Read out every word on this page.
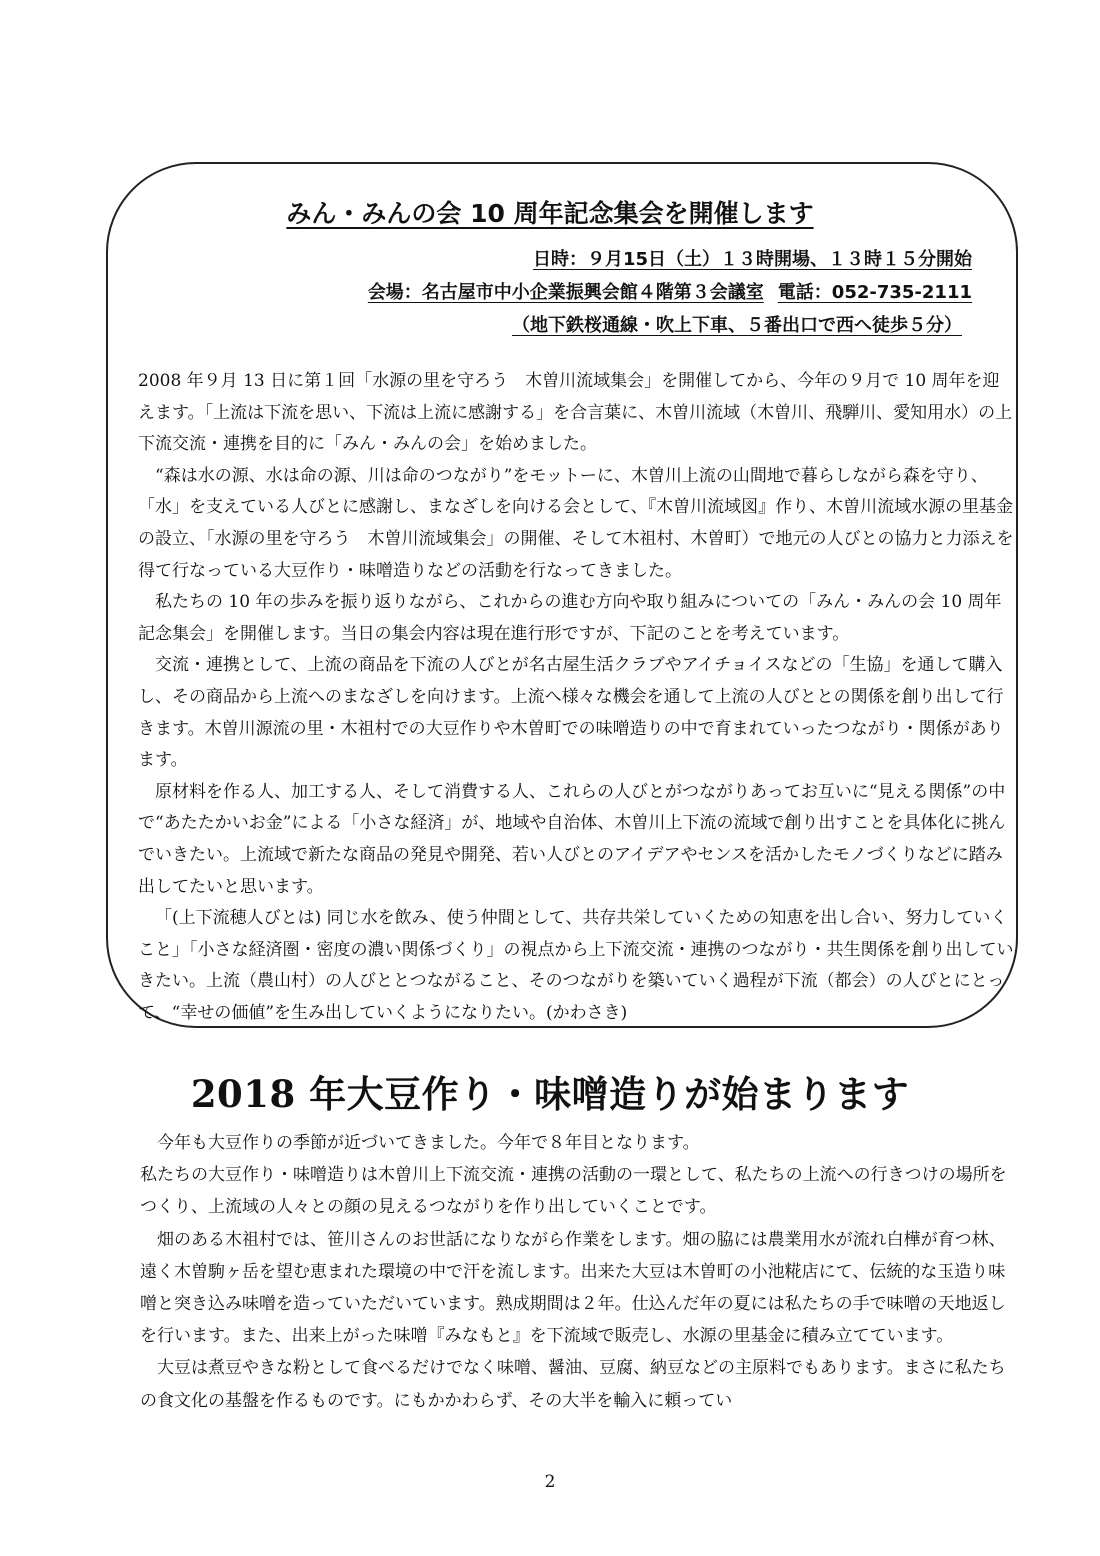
みん・みんの会 10 周年記念集会を開催します

日時：９月15日（土）１３時開場、１３時１５分開始

会場：名古屋市中小企業振興会館４階第３会議室 電話：052-735-2111

（地下鉄桜通線・吹上下車、５番出口で西へ徒歩５分）

2008 年９月 13 日に第１回「水源の里を守ろう　木曽川流域集会」を開催してから、今年の９月で 10 周年を迎えます。「上流は下流を思い、下流は上流に感謝する」を合言葉に、木曽川流域（木曽川、飛騨川、愛知用水）の上下流交流・連携を目的に「みん・みんの会」を始めました。

“森は水の源、水は命の源、川は命のつながり”をモットーに、木曽川上流の山間地で暮らしながら森を守り、「水」を支えている人びとに感謝し、まなざしを向ける会として、『木曽川流域図』作り、木曽川流域水源の里基金の設立、「水源の里を守ろう　木曽川流域集会」の開催、そして木祖村、木曽町）で地元の人びとの協力と力添えを得て行なっている大豆作り・味噌造りなどの活動を行なってきました。

私たちの 10 年の歩みを振り返りながら、これからの進む方向や取り組みについての「みん・みんの会 10 周年記念集会」を開催します。当日の集会内容は現在進行形ですが、下記のことを考えています。

交流・連携として、上流の商品を下流の人びとが名古屋生活クラブやアイチョイスなどの「生協」を通して購入し、その商品から上流へのまなざしを向けます。上流へ様々な機会を通して上流の人びととの関係を創り出して行きます。木曽川源流の里・木祖村での大豆作りや木曽町での味噌造りの中で育まれていったつながり・関係があります。

原材料を作る人、加工する人、そして消費する人、これらの人びとがつながりあってお互いに“見える関係”の中で“あたたかいお金”による「小さな経済」が、地域や自治体、木曽川上下流の流域で創り出すことを具体化に挑んでいきたい。上流域で新たな商品の発見や開発、若い人びとのアイデアやセンスを活かしたモノづくりなどに踏み出してたいと思います。

「(上下流穂人びとは) 同じ水を飲み、使う仲間として、共存共栄していくための知恵を出し合い、努力していくこと」「小さな経済圏・密度の濃い関係づくり」の視点から上下流交流・連携のつながり・共生関係を創り出していきたい。上流（農山村）の人びととつながること、そのつながりを築いていく過程が下流（都会）の人びとにとって、“幸せの価値”を生み出していくようになりたい。(かわさき)

2018 年大豆作り・味噌造りが始まります

今年も大豆作りの季節が近づいてきました。今年で８年目となります。

私たちの大豆作り・味噌造りは木曽川上下流交流・連携の活動の一環として、私たちの上流への行きつけの場所をつくり、上流域の人々との顔の見えるつながりを作り出していくことです。

畑のある木祖村では、笹川さんのお世話になりながら作業をします。畑の脇には農業用水が流れ白樺が育つ林、遠く木曽駒ヶ岳を望む恵まれた環境の中で汗を流します。出来た大豆は木曽町の小池糀店にて、伝統的な玉造り味噌と突き込み味噌を造っていただいています。熟成期間は２年。仕込んだ年の夏には私たちの手で味噌の天地返しを行います。また、出来上がった味噌『みなもと』を下流域で販売し、水源の里基金に積み立てています。

大豆は煮豆やきな粉として食べるだけでなく味噌、醤油、豆腐、納豆などの主原料でもあります。まさに私たちの食文化の基盤を作るものです。にもかかわらず、その大半を輸入に頼ってい

2
